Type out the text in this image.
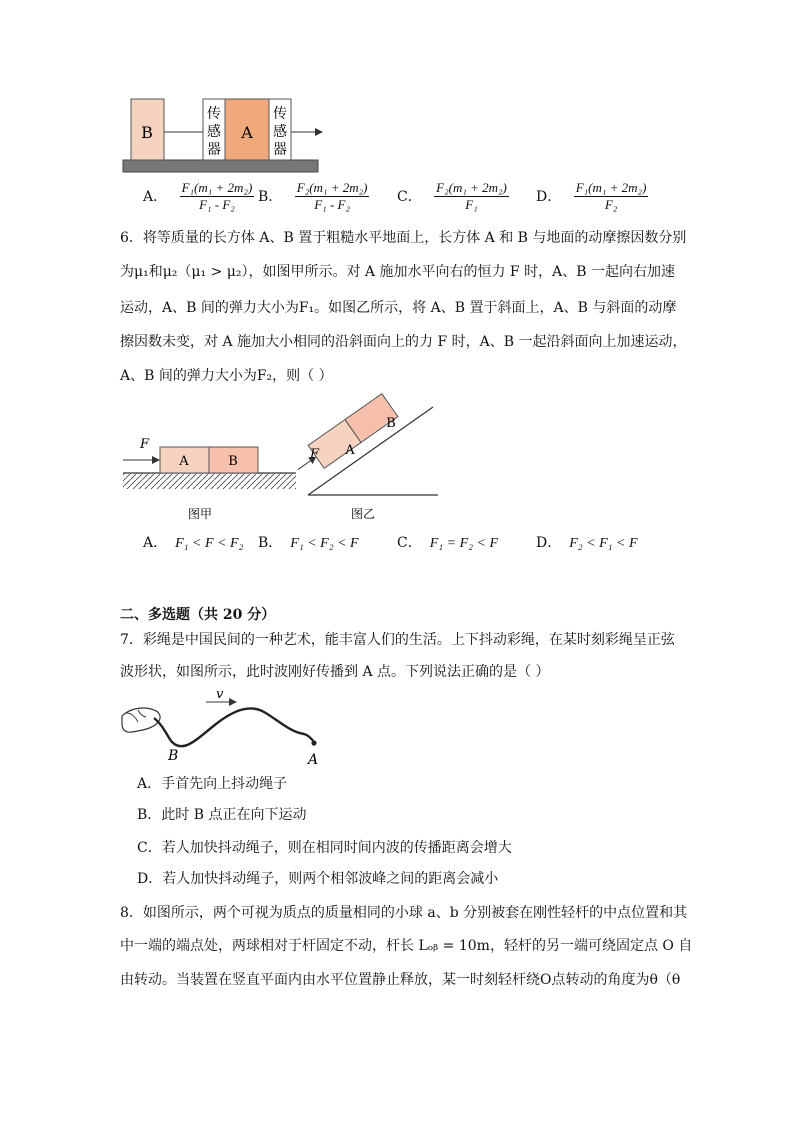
B	A
传
感
器
传
感
器
A． $\frac{\text{F₁(m₁ + 2m₂)}}{\text{F₁ - F₂}}$ B． $\frac{\text{F₂(m₁ + 2m₂)}}{\text{F₁ - F₂}}$ C． $\frac{\text{F₂(m₁ + 2m₂)}}{\text{F₁}}$ D． $\frac{\text{F₁(m₁ + 2m₂)}}{\text{F₂}}$
6．将等质量的长方体 A、B 置于粗糙水平地面上，长方体 A 和 B 与地面的动摩擦因数分别
为μ₁和μ₂（μ₁ > μ₂），如图甲所示。对 A 施加水平向右的恒力 F 时，A、B 一起向右加速
运动，A、B 间的弹力大小为F₁。如图乙所示，将 A、B 置于斜面上，A、B 与斜面的动摩
擦因数未变，对 A 施加大小相同的沿斜面向上的力 F 时，A、B 一起沿斜面向上加速运动，
A、B 间的弹力大小为F₂，则（ ）
F
A	B
图甲
F A
B
图乙
A． F₁ < F < F₂ B． F₁ < F₂ < F	C． F₁ = F₂ < F	D． F₂ < F₁ < F
二、多选题（共 20 分）
7．彩绳是中国民间的一种艺术，能丰富人们的生活。上下抖动彩绳，在某时刻彩绳呈正弦
波形状，如图所示，此时波刚好传播到 A 点。下列说法正确的是（ ）
v
B	A
A．手首先向上抖动绳子
B．此时 B 点正在向下运动
C．若人加快抖动绳子，则在相同时间内波的传播距离会增大
D．若人加快抖动绳子，则两个相邻波峰之间的距离会减小
8．如图所示，两个可视为质点的质量相同的小球 a、b 分别被套在刚性轻杆的中点位置和其
中一端的端点处，两球相对于杆固定不动，杆长 Lₒᵦ = 10m，轻杆的另一端可绕固定点 O 自
由转动。当装置在竖直平面内由水平位置静止释放，某一时刻轻杆绕O点转动的角度为θ（θ
